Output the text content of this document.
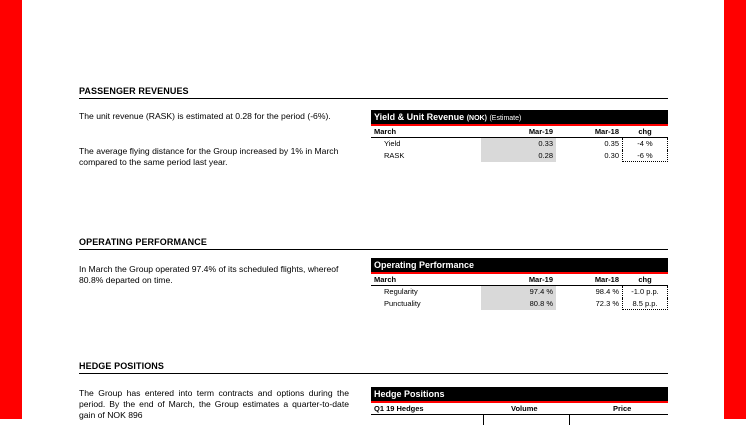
PASSENGER REVENUES

The unit revenue (RASK) is estimated at 0.28 for the period (-6%).

The average flying distance for the Group increased by 1% in March compared to the same period last year.

Yield & Unit Revenue (NOK) (Estimate)
March	Mar-19	Mar-18	chg
Yield	0.33	0.35	-4 %
RASK	0.28	0.30	-6 %
OPERATING PERFORMANCE

In March the Group operated 97.4% of its scheduled flights, whereof 80.8% departed on time.

Operating Performance
March	Mar-19	Mar-18	chg
Regularity	97.4 %	98.4 %	-1.0 p.p.
Punctuality	80.8 %	72.3 %	8.5 p.p.
HEDGE POSITIONS

The Group has entered into term contracts and options during the period. By the end of March, the Group estimates a quarter-to-date gain of NOK 896

Hedge Positions
Q1 19 Hedges	Volume	Price
